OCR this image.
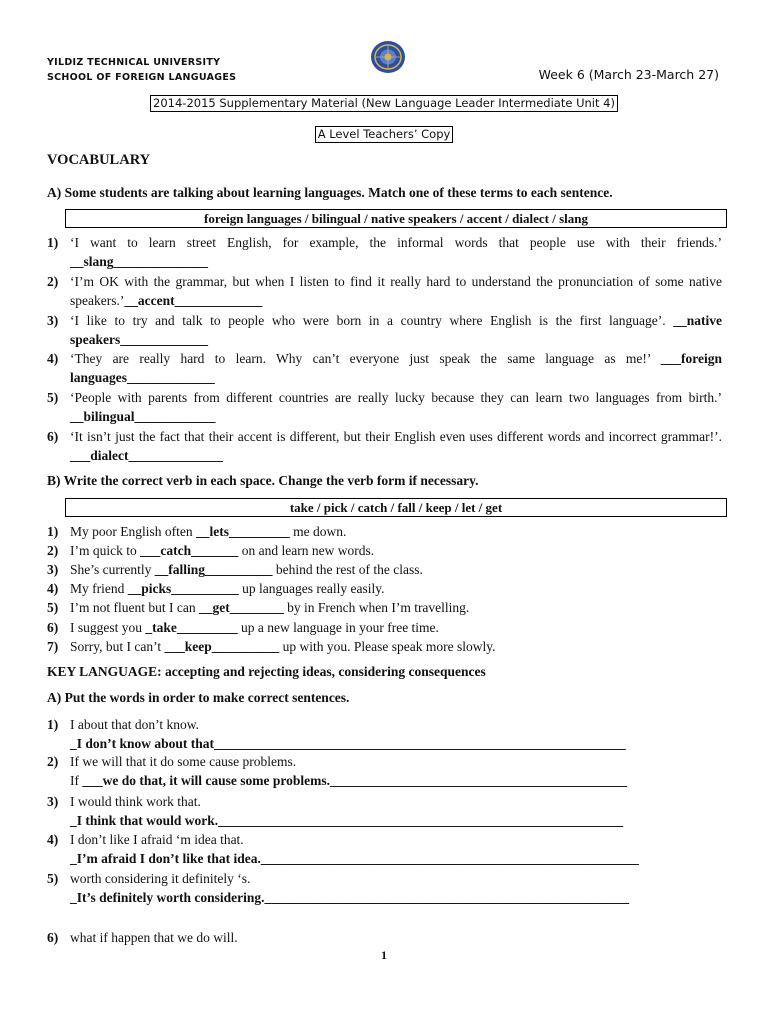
YILDIZ TECHNICAL UNIVERSITY
SCHOOL OF FOREIGN LANGUAGES	Week 6 (March 23-March 27)
2014-2015 Supplementary Material (New Language Leader Intermediate Unit 4)
A Level Teachers’ Copy
VOCABULARY
A) Some students are talking about learning languages. Match one of these terms to each sentence.
foreign languages / bilingual / native speakers / accent / dialect / slang
1) ‘I want to learn street English, for example, the informal words that people use with their friends.’ __slang______________
2) ‘I’m OK with the grammar, but when I listen to find it really hard to understand the pronunciation of some native speakers.’__accent_____________
3) ‘I like to try and talk to people who were born in a country where English is the first language’. __native speakers_____________
4) ‘They are really hard to learn. Why can’t everyone just speak the same language as me!’ ___foreign languages_____________
5) ‘People with parents from different countries are really lucky because they can learn two languages from birth.’ __bilingual____________
6) ‘It isn’t just the fact that their accent is different, but their English even uses different words and incorrect grammar!’. ___dialect______________
B) Write the correct verb in each space. Change the verb form if necessary.
take / pick / catch / fall / keep / let / get
1) My poor English often __lets_________ me down.
2) I’m quick to ___catch_______ on and learn new words.
3) She’s currently __falling__________ behind the rest of the class.
4) My friend __picks__________ up languages really easily.
5) I’m not fluent but I can __get________ by in French when I’m travelling.
6) I suggest you _take_________ up a new language in your free time.
7) Sorry, but I can’t ___keep__________ up with you. Please speak more slowly.
KEY LANGUAGE: accepting and rejecting ideas, considering consequences
A) Put the words in order to make correct sentences.
1) I about that don’t know.
_I don’t know about that_____________________________________________________________
2) If we will that it do some cause problems.
If ___we do that, it will cause some problems.____________________________________________
3) I would think work that.
_I think that would work.____________________________________________________________
4) I don’t like I afraid ‘m idea that.
_I’m afraid I don’t like that idea.________________________________________________________
5) worth considering it definitely ‘s.
_It’s definitely worth considering.______________________________________________________
6) what if happen that we do will.
1
